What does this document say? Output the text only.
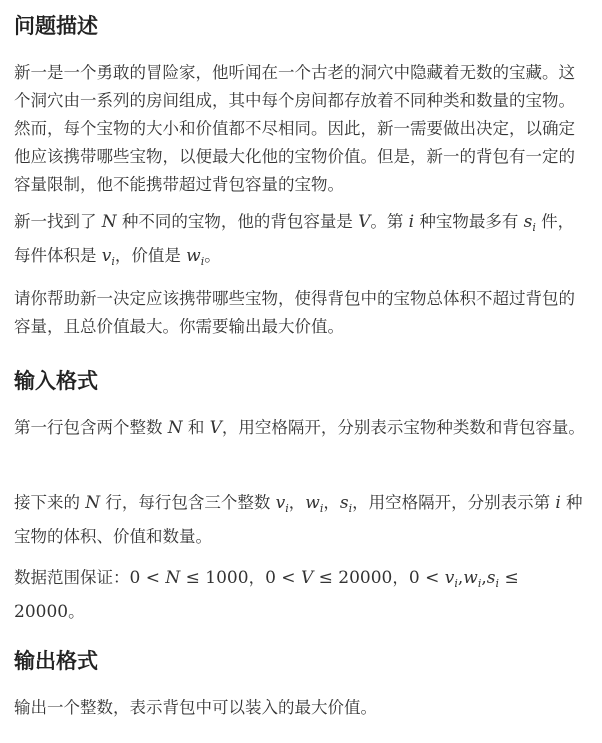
问题描述

新一是一个勇敢的冒险家，他听闻在一个古老的洞穴中隐藏着无数的宝藏。这个洞穴由一系列的房间组成，其中每个房间都存放着不同种类和数量的宝物。然而，每个宝物的大小和价值都不尽相同。因此，新一需要做出决定，以确定他应该携带哪些宝物，以便最大化他的宝物价值。但是，新一的背包有一定的容量限制，他不能携带超过背包容量的宝物。

新一找到了 N 种不同的宝物，他的背包容量是 V。第 i 种宝物最多有 $s_i$ 件，每件体积是 $v_i$，价值是 $w_i$。

请你帮助新一决定应该携带哪些宝物，使得背包中的宝物总体积不超过背包的容量，且总价值最大。你需要输出最大价值。

输入格式

第一行包含两个整数 N 和 V，用空格隔开，分别表示宝物种类数和背包容量。

接下来的 N 行，每行包含三个整数 $v_i$，$w_i$，$s_i$，用空格隔开，分别表示第 i 种宝物的体积、价值和数量。

数据范围保证：0 < N ≤ 1000，0 < V ≤ 20000，$0 < v_i,w_i,s_i \le 20000$。

输出格式

输出一个整数，表示背包中可以装入的最大价值。
